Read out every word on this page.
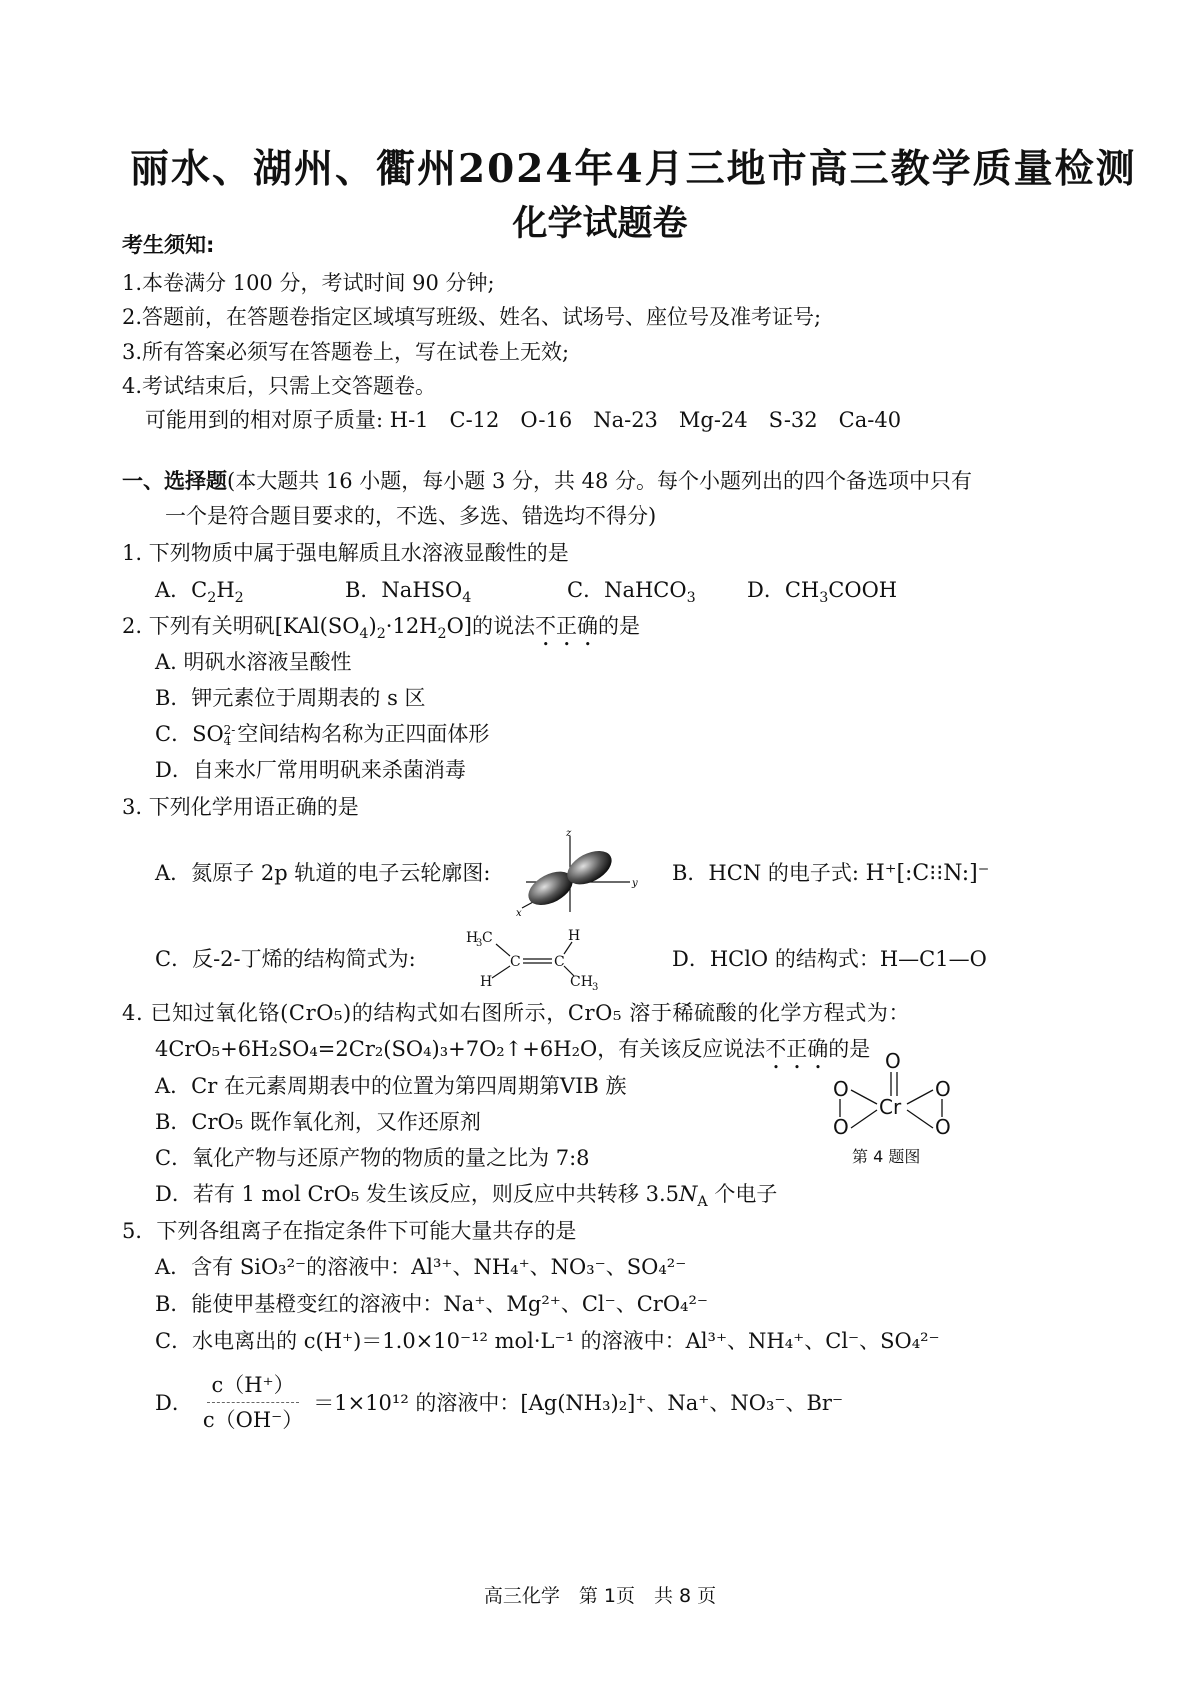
丽水、湖州、衢州2024年4月三地市高三教学质量检测
化学试题卷
考生须知:
1.本卷满分 100 分，考试时间 90 分钟;
2.答题前，在答题卷指定区域填写班级、姓名、试场号、座位号及准考证号;
3.所有答案必须写在答题卷上，写在试卷上无效;
4.考试结束后，只需上交答题卷。
可能用到的相对原子质量: H-1　C-12　O-16　Na-23　Mg-24　S-32　Ca-40
一、选择题(本大题共 16 小题，每小题 3 分，共 48 分。每个小题列出的四个备选项中只有
一个是符合题目要求的，不选、多选、错选均不得分)
1. 下列物质中属于强电解质且水溶液显酸性的是
A．$C_2H_2$	B．NaHSO$_4$	C．NaHCO$_3$ D．$CH_3COOH$
2. 下列有关明矾$[KAl(SO_4)_2\cdot 12H_2O]$的说法不正确的是
A. 明矾水溶液呈酸性
B．钾元素位于周期表的 s 区
C．SO 2-
4 空间结构名称为正四面体形
D．自来水厂常用明矾来杀菌消毒
3. 下列化学用语正确的是
A．氮原子 2p 轨道的电子云轮廓图:
z
y
x
B．HCN 的电子式: H⁺[:C⁝⁝N:]⁻
C．反-2-丁烯的结构简式为:
H
3 C
H
C C
H
CH 3
D．HClO 的结构式：H—C1—O
4. 已知过氧化铬(CrO₅)的结构式如右图所示，CrO₅ 溶于稀硫酸的化学方程式为：
4CrO₅+6H₂SO₄=2Cr₂(SO₄)₃+7O₂↑+6H₂O，有关该反应说法不正确的是
A．Cr 在元素周期表中的位置为第四周期第VIB 族
B．CrO₅ 既作氧化剂，又作还原剂
C．氧化产物与还原产物的物质的量之比为 7:8
D．若有 1 mol CrO₅ 发生该反应，则反应中共转移 $3.5N_A$ 个电子
O
O	O
Cr
O	O
第 4 题图
5．下列各组离子在指定条件下可能大量共存的是
A．含有 SiO₃²⁻的溶液中：Al³⁺、NH₄⁺、NO₃⁻、SO₄²⁻
B．能使甲基橙变红的溶液中：Na⁺、Mg²⁺、Cl⁻、CrO₄²⁻
C．水电离出的 c(H⁺)＝1.0×10⁻¹² mol·L⁻¹ 的溶液中：Al³⁺、NH₄⁺、Cl⁻、SO₄²⁻
D． $\frac{c(H^+)}{c(OH^-)} =1\times 10^{12}$ 的溶液中：[Ag(NH₃)₂]⁺、Na⁺、NO₃⁻、Br⁻
高三化学　第 1页　共 8 页
